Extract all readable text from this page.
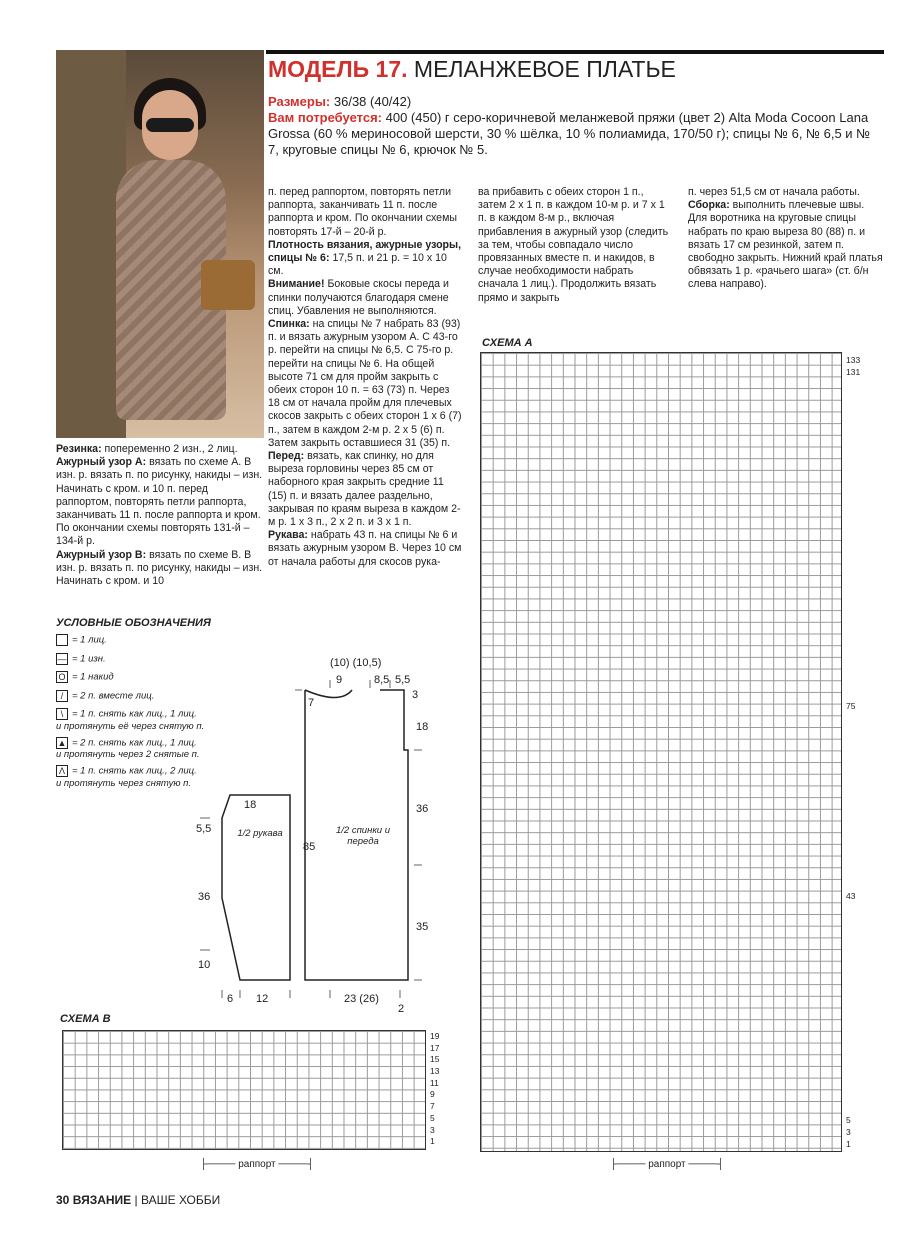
МОДЕЛЬ 17. МЕЛАНЖЕВОЕ ПЛАТЬЕ
Размеры: 36/38 (40/42)
Вам потребуется: 400 (450) г серо-коричневой меланжевой пряжи (цвет 2) Alta Moda Cocoon Lana Grossa (60 % мериносовой шерсти, 30 % шёлка, 10 % полиамида, 170/50 г); спицы № 6, № 6,5 и № 7, круговые спицы № 6, крючок № 5.
Резинка: попеременно 2 изн., 2 лиц.
Ажурный узор А: вязать по схеме А. В изн. р. вязать п. по рисунку, накиды – изн. Начинать с кром. и 10 п. перед раппортом, повторять петли раппорта, заканчивать 11 п. после раппорта и кром. По окончании схемы повторять 131-й – 134-й р.
Ажурный узор В: вязать по схеме В. В изн. р. вязать п. по рисунку, накиды – изн. Начинать с кром. и 10
п. перед раппортом, повторять петли раппорта, заканчивать 11 п. после раппорта и кром. По окончании схемы повторять 17-й – 20-й р.
Плотность вязания, ажурные узоры, спицы № 6: 17,5 п. и 21 р. = 10 x 10 см.
Внимание! Боковые скосы переда и спинки получаются благодаря смене спиц. Убавления не выполняются.
Спинка: на спицы № 7 набрать 83 (93) п. и вязать ажурным узором А. С 43-го р. перейти на спицы № 6,5. С 75-го р. перейти на спицы № 6. На общей высоте 71 см для пройм закрыть с обеих сторон 10 п. = 63 (73) п. Через 18 см от начала пройм для плечевых скосов закрыть с обеих сторон 1 x 6 (7) п., затем в каждом 2-м р. 2 x 5 (6) п. Затем закрыть оставшиеся 31 (35) п.
Перед: вязать, как спинку, но для выреза горловины через 85 см от наборного края закрыть средние 11 (15) п. и вязать далее раздельно, закрывая по краям выреза в каждом 2-м р. 1 x 3 п., 2 x 2 п. и 3 x 1 п.
Рукава: набрать 43 п. на спицы № 6 и вязать ажурным узором В. Через 10 см от начала работы для скосов рука-
ва прибавить с обеих сторон 1 п., затем 2 x 1 п. в каждом 10-м р. и 7 x 1 п. в каждом 8-м р., включая прибавления в ажурный узор (следить за тем, чтобы совпадало число провязанных вместе п. и накидов, в случае необходимости набрать сначала 1 лиц.). Продолжить вязать прямо и закрыть
п. через 51,5 см от начала работы.
Сборка: выполнить плечевые швы. Для воротника на круговые спицы набрать по краю выреза 80 (88) п. и вязать 17 см резинкой, затем п. свободно закрыть. Нижний край платья обвязать 1 р. «рачьего шага» (ст. б/н слева направо).
УСЛОВНЫЕ ОБОЗНАЧЕНИЯ
= 1 лиц.
— = 1 изн.
O = 1 накид
/ = 2 п. вместе лиц.
\ = 1 п. снять как лиц., 1 лиц.
и протянуть её через снятую п.
▲ = 2 п. снять как лиц., 1 лиц.
и протянуть через 2 снятые п.
Λ = 1 п. снять как лиц., 2 лиц.
и протянуть через снятую п.
(10) (10,5)
9	8,5 5,5
3
7
18
36
85
35
23 (26)
2
18
5,5
36
10
6 12
1/2 спинки и переда
1/2 рукава
СХЕМА В
19
17
15
13
11
9
7
5
3
1
├──── раппорт ────┤
СХЕМА А
133
131
75
43
5
3
1
├──── раппорт ────┤
30 ВЯЗАНИЕ | ВАШЕ ХОББИ
